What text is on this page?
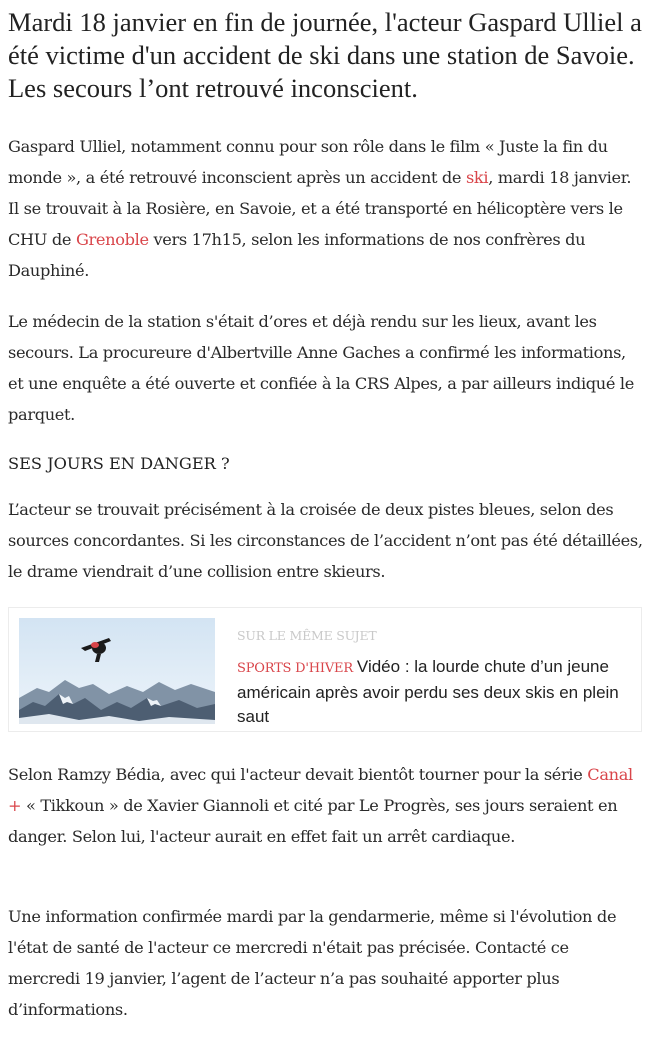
Mardi 18 janvier en fin de journée, l'acteur Gaspard Ulliel a été victime d'un accident de ski dans une station de Savoie. Les secours l’ont retrouvé inconscient.

Gaspard Ulliel, notamment connu pour son rôle dans le film « Juste la fin du monde », a été retrouvé inconscient après un accident de ski, mardi 18 janvier. Il se trouvait à la Rosière, en Savoie, et a été transporté en hélicoptère vers le CHU de Grenoble vers 17h15, selon les informations de nos confrères du Dauphiné.

Le médecin de la station s'était d’ores et déjà rendu sur les lieux, avant les secours. La procureure d'Albertville Anne Gaches a confirmé les informations, et une enquête a été ouverte et confiée à la CRS Alpes, a par ailleurs indiqué le parquet.

SES JOURS EN DANGER ?

L’acteur se trouvait précisément à la croisée de deux pistes bleues, selon des sources concordantes. Si les circonstances de l’accident n’ont pas été détaillées, le drame viendrait d’une collision entre skieurs.

SUR LE MÊME SUJET
SPORTS D'HIVER Vidéo : la lourde chute d’un jeune américain après avoir perdu ses deux skis en plein saut

Selon Ramzy Bédia, avec qui l'acteur devait bientôt tourner pour la série Canal + « Tikkoun » de Xavier Giannoli et cité par Le Progrès, ses jours seraient en danger. Selon lui, l'acteur aurait en effet fait un arrêt cardiaque.

Une information confirmée mardi par la gendarmerie, même si l'évolution de l'état de santé de l'acteur ce mercredi n'était pas précisée. Contacté ce mercredi 19 janvier, l’agent de l’acteur n’a pas souhaité apporter plus d’informations.
